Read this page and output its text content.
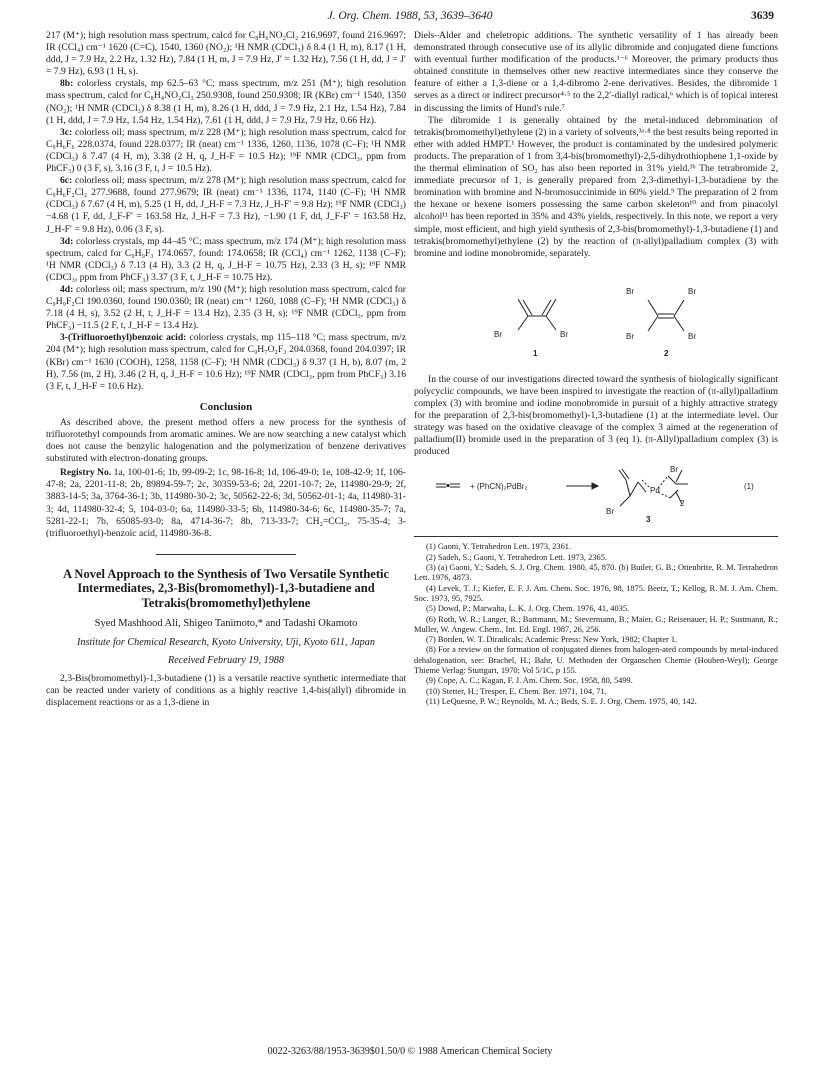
J. Org. Chem. 1988, 53, 3639–3640	3639

217 (M⁺); high resolution mass spectrum, calcd for C₈H₆NO₂Cl₂ 216.9697, found 216.9697; IR (CCl₄) cm⁻¹ 1620 (C=C), 1540, 1360 (NO₂); ¹H NMR (CDCl₃) δ 8.4 (1 H, m), 8.17 (1 H, ddd, J = 7.9 Hz, 2.2 Hz, 1.32 Hz), 7.84 (1 H, m, J = 7.9 Hz, J′ = 1.32 Hz), 7.56 (1 H, dd, J = J′ = 7.9 Hz), 6.93 (1 H, s).

8b: colorless crystals, mp 62.5–63 °C; mass spectrum, m/z 251 (M⁺); high resolution mass spectrum, calcd for C₈H₄NO₂Cl₃ 250.9308, found 250.9308; IR (KBr) cm⁻¹ 1540, 1350 (NO₂); ¹H NMR (CDCl₃) δ 8.38 (1 H, m), 8.26 (1 H, ddd, J = 7.9 Hz, 2.1 Hz, 1.54 Hz), 7.84 (1 H, ddd, J = 7.9 Hz, 1.54 Hz, 1.54 Hz), 7.61 (1 H, ddd, J = 7.9 Hz, 7.9 Hz, 0.66 Hz).

3c: colorless oil; mass spectrum, m/z 228 (M⁺); high resolution mass spectrum, calcd for C₉H₆F₆ 228.0374, found 228.0377; IR (neat) cm⁻¹ 1336, 1260, 1136, 1078 (C–F); ¹H NMR (CDCl₃) δ 7.47 (4 H, m), 3.38 (2 H, q, J_H-F = 10.5 Hz); ¹⁹F NMR (CDCl₃, ppm from PhCF₃) 0 (3 F, s), 3.16 (3 F, t, J = 10.5 Hz).

6c: colorless oil; mass spectrum, m/z 278 (M⁺); high resolution mass spectrum, calcd for C₉H₆F₂Cl₂ 277.9688, found 277.9679; IR (neat) cm⁻¹ 1336, 1174, 1140 (C–F); ¹H NMR (CDCl₃) δ 7.67 (4 H, m), 5.25 (1 H, dd, J_H-F = 7.3 Hz, J_H-F′ = 9.8 Hz); ¹⁹F NMR (CDCl₃) −4.68 (1 F, dd, J_F-F′ = 163.58 Hz, J_H-F = 7.3 Hz), −1.90 (1 F, dd, J_F-F′ = 163.58 Hz, J_H-F′ = 9.8 Hz), 0.06 (3 F, s).

3d: colorless crystals, mp 44–45 °C; mass spectrum, m/z 174 (M⁺); high resolution mass spectrum, calcd for C₉H₉F₃ 174.0657, found: 174.0658; IR (CCl₄) cm⁻¹ 1262, 1138 (C–F); ¹H NMR (CDCl₃) δ 7.13 (4 H), 3.3 (2 H, q, J_H-F = 10.75 Hz), 2.33 (3 H, s); ¹⁹F NMR (CDCl₃, ppm from PhCF₃) 3.37 (3 F, t, J_H-F = 10.75 Hz).

4d: colorless oil; mass spectrum, m/z 190 (M⁺); high resolution mass spectrum, calcd for C₉H₉F₂Cl 190.0360, found 190.0360; IR (neat) cm⁻¹ 1260, 1088 (C–F); ¹H NMR (CDCl₃) δ 7.18 (4 H, s), 3.52 (2 H, t, J_H-F = 13.4 Hz), 2.35 (3 H, s); ¹⁹F NMR (CDCl₃, ppm from PhCF₃) −11.5 (2 F, t, J_H-F = 13.4 Hz).

3-(Trifluoroethyl)benzoic acid: colorless crystals, mp 115–118 °C; mass spectrum, m/z 204 (M⁺); high resolution mass spectrum, calcd for C₉H₇O₂F₃ 204.0368, found 204.0397; IR (KBr) cm⁻¹ 1630 (COOH), 1258, 1158 (C–F); ¹H NMR (CDCl₃) δ 9.37 (1 H, b), 8.07 (m, 2 H), 7.56 (m, 2 H), 3.46 (2 H, q, J_H-F = 10.6 Hz); ¹⁹F NMR (CDCl₃, ppm from PhCF₃) 3.16 (3 F, t, J_H-F = 10.6 Hz).

Conclusion

As described above, the present method offers a new process for the synthesis of trifluorotethyl compounds from aromatic amines. We are now searching a new catalyst which does not cause the benzylic halogenation and the polymerization of benzene derivatives substituted with electron-donating groups.

Registry No. 1a, 100-01-6; 1b, 99-09-2; 1c, 98-16-8; 1d, 106-49-0; 1e, 108-42-9; 1f, 106-47-8; 2a, 2201-11-8; 2b, 89894-59-7; 2c, 30359-53-6; 2d, 2201-10-7; 2e, 114980-29-9; 2f, 3883-14-5; 3a, 3764-36-1; 3b, 114980-30-2; 3c, 50562-22-6; 3d, 50562-01-1; 4a, 114980-31-3; 4d, 114980-32-4; 5, 104-03-0; 6a, 114980-33-5; 6b, 114980-34-6; 6c, 114980-35-7; 7a, 5281-22-1; 7b, 65085-93-0; 8a, 4714-36-7; 8b, 713-33-7; CH₂=CCl₂, 75-35-4; 3-(trifluoroethyl)-benzoic acid, 114980-36-8.

A Novel Approach to the Synthesis of Two Versatile Synthetic Intermediates, 2,3-Bis(bromomethyl)-1,3-butadiene and Tetrakis(bromomethyl)ethylene
Syed Mashhood Ali, Shigeo Tanimoto,* and Tadashi Okamoto
Institute for Chemical Research, Kyoto University, Uji, Kyoto 611, Japan
Received February 19, 1988

2,3-Bis(bromomethyl)-1,3-butadiene (1) is a versatile reactive synthetic intermediate that can be reacted under variety of conditions as a highly reactive 1,4-bis(allyl) dibromide in displacement reactions or as a 1,3-diene in

Diels–Alder and cheletropic additions. The synthetic versatility of 1 has already been demonstrated through consecutive use of its allylic dibromide and conjugated diene functions with eventual further modification of the products.¹⁻⁶ Moreover, the primary products thus obtained constitute in themselves other new reactive intermediates since they conserve the feature of either a 1,3-diene or a 1,4-dibromo 2-ene derivatives. Besides, the dibromide 1 serves as a direct or indirect precursor⁴·⁵ to the 2,2′-diallyl radical,⁶ which is of topical interest in discussing the limits of Hund's rule.⁷

The dibromide 1 is generally obtained by the metal-induced debromination of tetrakis(bromomethyl)ethylene (2) in a variety of solvents,³ᵃ·⁸ the best results being reported in ether with added HMPT.¹ However, the product is contaminated by the undesired polymeric products. The preparation of 1 from 3,4-bis(bromomethyl)-2,5-dihydrothiophene 1,1-oxide by the thermal elimination of SO₂ has also been reported in 31% yield.³ᵇ The tetrabromide 2, immediate precursor of 1, is generally prepared from 2,3-dimethyl-1,3-butadiene by the bromination with bromine and N-bromosuccinimide in 60% yield.⁹ The preparation of 2 from the hexane or hexene isomers possessing the same carbon skeleton¹⁰ and from pinacolyl alcohol¹¹ has been reported in 35% and 43% yields, respectively. In this note, we report a very simple, most efficient, and high yield synthesis of 2,3-bis(bromomethyl)-1,3-butadiene (1) and tetrakis(bromomethyl)ethylene (2) by the reaction of (π-allyl)palladium complex (3) with bromine and iodine monobromide, separately.

Br	Br
1
Br	Br
Br	Br
2

In the course of our investigations directed toward the synthesis of biologically significant polycyclic compounds, we have been inspired to investigate the reaction of (π-allyl)palladium complex (3) with bromine and iodine monobromide in pursuit of a highly attractive strategy for the preparation of 2,3-bis(bromomethyl)-1,3-butadiene (1) at the intermediate level. Our strategy was based on the oxidative cleavage of the complex 3 aimed at the regeneration of palladium(II) bromide used in the preparation of 3 (eq 1). (π-Allyl)palladium complex (3) is produced

+ (PhCN)₂PdBr₂	Pd
Br
Br
2
3
(1)

(1) Gaoni, Y. Tetrahedron Lett. 1973, 2361.

(2) Sadeh, S.; Gaoni, Y. Tetrahedron Lett. 1973, 2365.

(3) (a) Gaoni, Y.; Sadeh, S. J. Org. Chem. 1980, 45, 870. (b) Butler, G. B.; Ottenbrite, R. M. Tetrahedron Lett. 1976, 4873.

(4) Levek, T. J.; Kiefer, E. F. J. Am. Chem. Soc. 1976, 98, 1875. Beetz, T.; Kellog, R. M. J. Am. Chem. Soc. 1973, 95, 7925.

(5) Dowd, P.; Marwaha, L. K. J. Org. Chem. 1976, 41, 4035.

(6) Roth, W. R.; Langer, R.; Bartmann, M.; Stevermann, B.; Maier, G.; Reisenauer, H. P.; Sustmann, R.; Muller, W. Angew. Chem., Int. Ed. Engl. 1987, 26, 256.

(7) Borden, W. T. Diradicals; Academic Press: New York, 1982; Chapter 1.

(8) For a review on the formation of conjugated dienes from halogen-ated compounds by metal-induced dehalogenation, see: Brachel, H.; Bahr, U. Methoden der Organschen Chemie (Houben-Weyl); George Thieme Verlag: Stuttgart, 1970; Vol 5/1C, p 155.

(9) Cope, A. C.; Kagan, F. J. Am. Chem. Soc. 1958, 80, 5499.

(10) Stetter, H.; Tresper, E. Chem. Ber. 1971, 104, 71.

(11) LeQuesne, P. W.; Reynolds, M. A.; Beds, S. E. J. Org. Chem. 1975, 40, 142.

0022-3263/88/1953-3639$01.50/0 © 1988 American Chemical Society
